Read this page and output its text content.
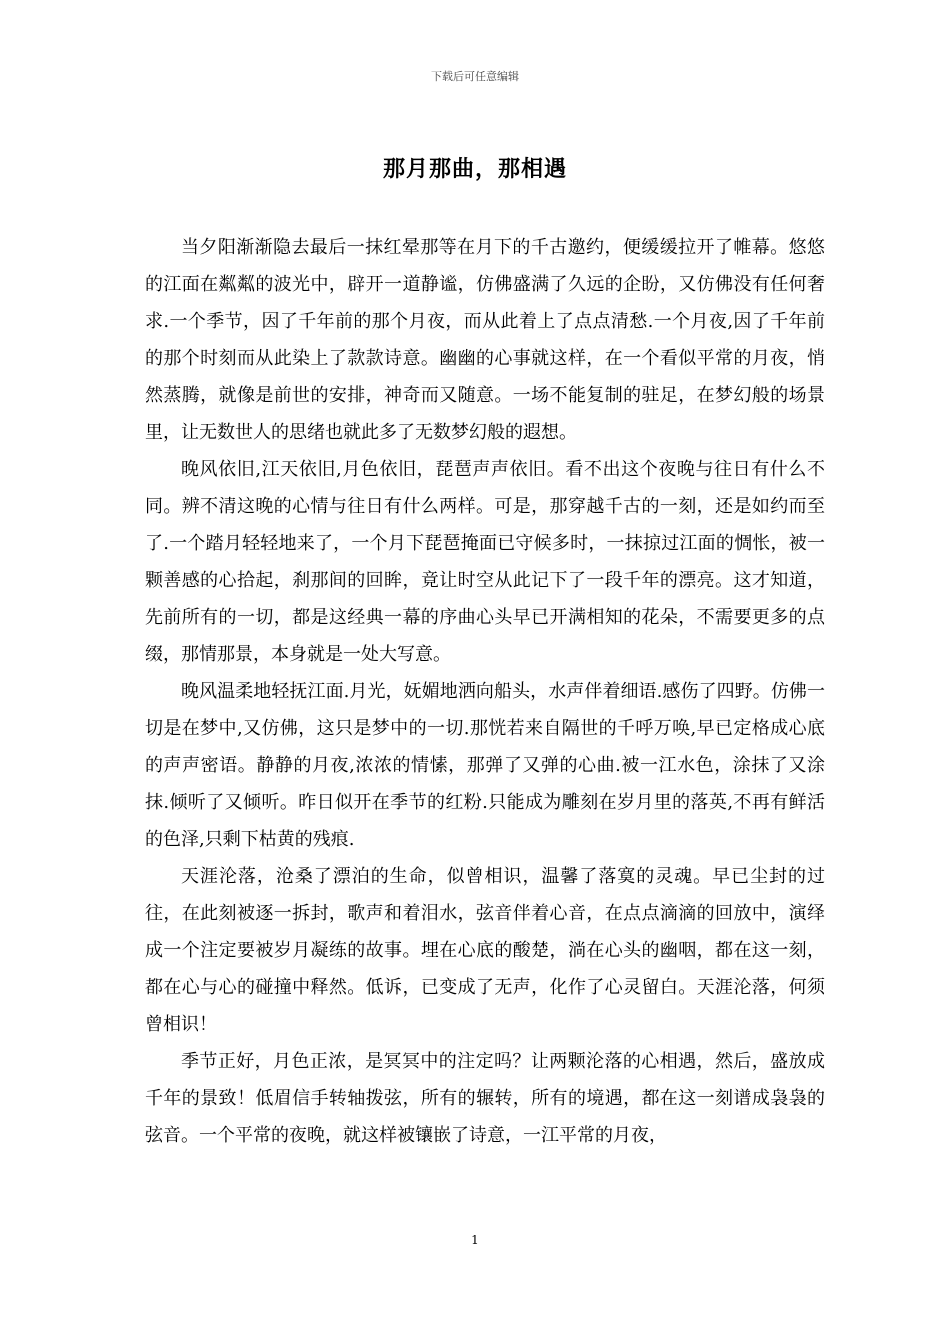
下载后可任意编辑
那月那曲，那相遇

当夕阳渐渐隐去最后一抹红晕那等在月下的千古邀约，便缓缓拉开了帷幕。悠悠的江面在粼粼的波光中，辟开一道静谧，仿佛盛满了久远的企盼，又仿佛没有任何奢求.一个季节，因了千年前的那个月夜，而从此着上了点点清愁.一个月夜,因了千年前的那个时刻而从此染上了款款诗意。幽幽的心事就这样，在一个看似平常的月夜，悄然蒸腾，就像是前世的安排，神奇而又随意。一场不能复制的驻足，在梦幻般的场景里，让无数世人的思绪也就此多了无数梦幻般的遐想。

晚风依旧,江天依旧,月色依旧，琵琶声声依旧。看不出这个夜晚与往日有什么不同。辨不清这晚的心情与往日有什么两样。可是，那穿越千古的一刻，还是如约而至了.一个踏月轻轻地来了，一个月下琵琶掩面已守候多时，一抹掠过江面的惆怅，被一颗善感的心拾起，刹那间的回眸，竟让时空从此记下了一段千年的漂亮。这才知道，先前所有的一切，都是这经典一幕的序曲心头早已开满相知的花朵，不需要更多的点缀，那情那景，本身就是一处大写意。

晚风温柔地轻抚江面.月光，妩媚地洒向船头，水声伴着细语.感伤了四野。仿佛一切是在梦中,又仿佛，这只是梦中的一切.那恍若来自隔世的千呼万唤,早已定格成心底的声声密语。静静的月夜,浓浓的情愫，那弹了又弹的心曲.被一江水色，涂抹了又涂抹.倾听了又倾听。昨日似开在季节的红粉.只能成为雕刻在岁月里的落英,不再有鲜活的色泽,只剩下枯黄的残痕.

天涯沦落，沧桑了漂泊的生命，似曾相识，温馨了落寞的灵魂。早已尘封的过往，在此刻被逐一拆封，歌声和着泪水，弦音伴着心音，在点点滴滴的回放中，演绎成一个注定要被岁月凝练的故事。埋在心底的酸楚，淌在心头的幽咽，都在这一刻，都在心与心的碰撞中释然。低诉，已变成了无声，化作了心灵留白。天涯沦落，何须曾相识！

季节正好，月色正浓，是冥冥中的注定吗？让两颗沦落的心相遇，然后，盛放成千年的景致！低眉信手转轴拨弦，所有的辗转，所有的境遇，都在这一刻谱成袅袅的弦音。一个平常的夜晚，就这样被镶嵌了诗意，一江平常的月夜，

1
